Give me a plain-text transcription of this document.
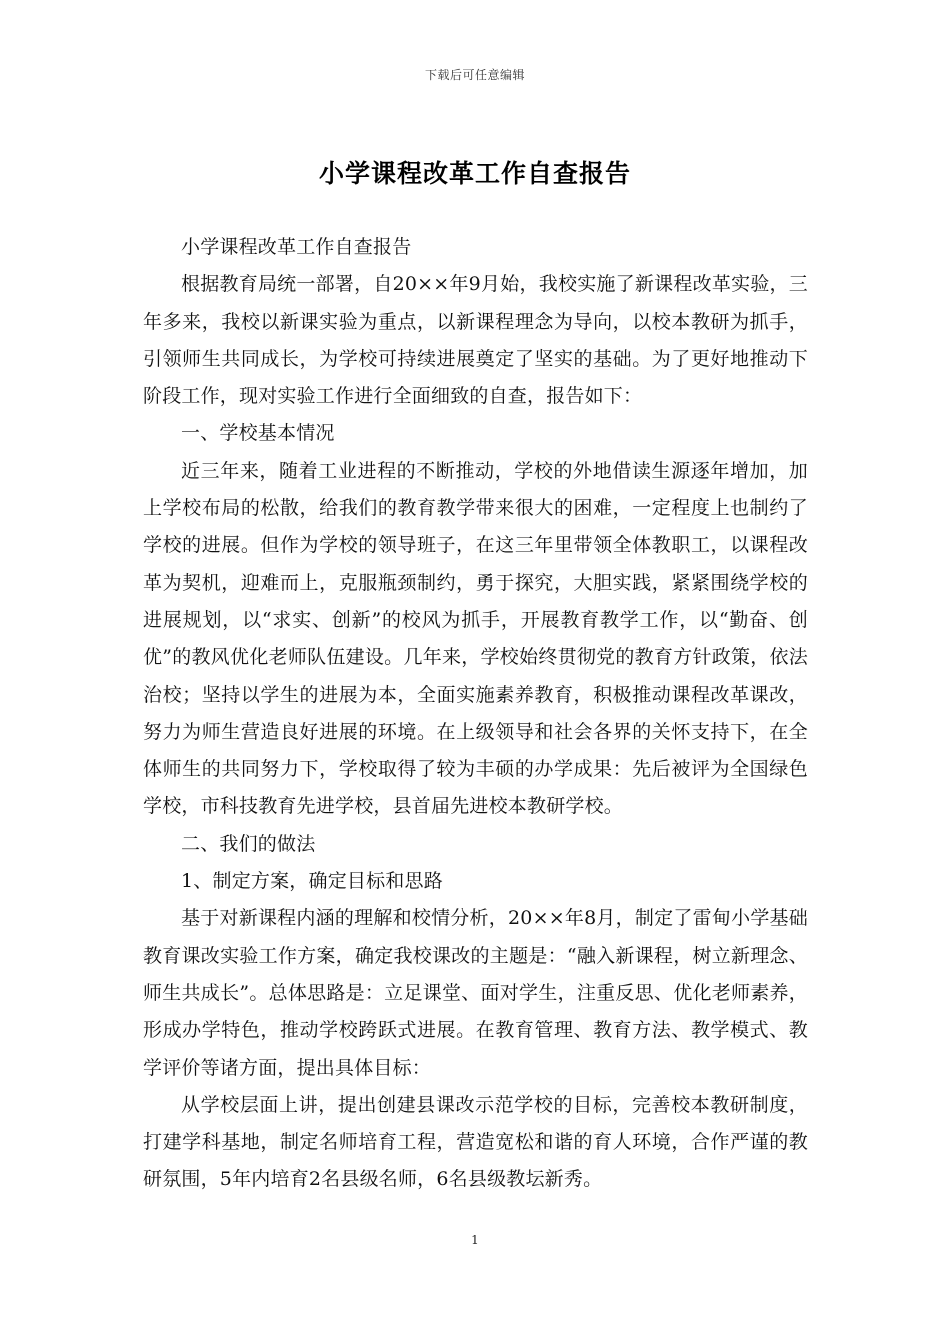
下载后可任意编辑
小学课程改革工作自查报告

小学课程改革工作自查报告

根据教育局统一部署，自20××年9月始，我校实施了新课程改革实验，三年多来，我校以新课实验为重点，以新课程理念为导向，以校本教研为抓手，引领师生共同成长，为学校可持续进展奠定了坚实的基础。为了更好地推动下阶段工作，现对实验工作进行全面细致的自查，报告如下：

一、学校基本情况

近三年来，随着工业进程的不断推动，学校的外地借读生源逐年增加，加上学校布局的松散，给我们的教育教学带来很大的困难，一定程度上也制约了学校的进展。但作为学校的领导班子，在这三年里带领全体教职工，以课程改革为契机，迎难而上，克服瓶颈制约，勇于探究，大胆实践，紧紧围绕学校的进展规划，以“求实、创新”的校风为抓手，开展教育教学工作，以“勤奋、创优”的教风优化老师队伍建设。几年来，学校始终贯彻党的教育方针政策，依法治校；坚持以学生的进展为本，全面实施素养教育，积极推动课程改革课改，努力为师生营造良好进展的环境。在上级领导和社会各界的关怀支持下，在全体师生的共同努力下，学校取得了较为丰硕的办学成果：先后被评为全国绿色学校，市科技教育先进学校，县首届先进校本教研学校。

二、我们的做法

1、制定方案，确定目标和思路

基于对新课程内涵的理解和校情分析，20××年8月，制定了雷甸小学基础教育课改实验工作方案，确定我校课改的主题是：“融入新课程，树立新理念、师生共成长”。总体思路是：立足课堂、面对学生，注重反思、优化老师素养，形成办学特色，推动学校跨跃式进展。在教育管理、教育方法、教学模式、教学评价等诸方面，提出具体目标：

从学校层面上讲，提出创建县课改示范学校的目标，完善校本教研制度，打建学科基地，制定名师培育工程，营造宽松和谐的育人环境，合作严谨的教研氛围，5年内培育2名县级名师，6名县级教坛新秀。

1
